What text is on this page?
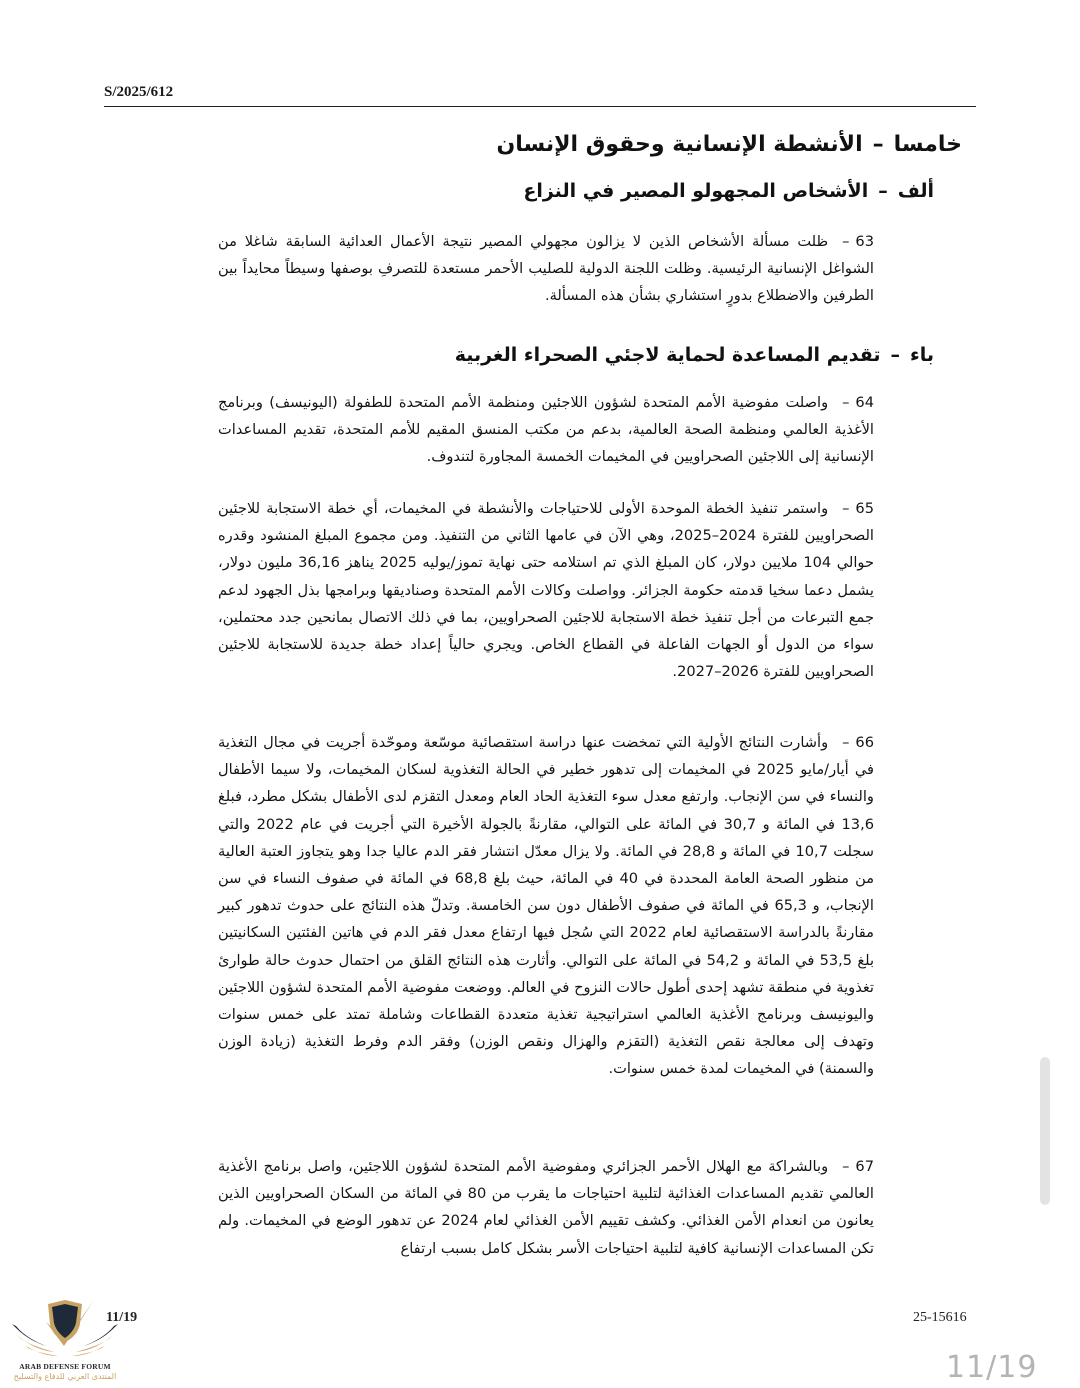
S/2025/612
خامسا–الأنشطة الإنسانية وحقوق الإنسان
ألف–الأشخاص المجهولو المصير في النزاع
63–ظلت مسألة الأشخاص الذين لا يزالون مجهولي المصير نتيجة الأعمال العدائية السابقة شاغلا من الشواغل الإنسانية الرئيسية. وظلت اللجنة الدولية للصليب الأحمر مستعدة للتصرفِ بوصفها وسيطاً محايداً بين الطرفين والاضطلاع بدورٍ استشاري بشأن هذه المسألة.
باء–تقديم المساعدة لحماية لاجئي الصحراء الغربية
64–واصلت مفوضية الأمم المتحدة لشؤون اللاجئين ومنظمة الأمم المتحدة للطفولة (اليونيسف) وبرنامج الأغذية العالمي ومنظمة الصحة العالمية، بدعم من مكتب المنسق المقيم للأمم المتحدة، تقديم المساعدات الإنسانية إلى اللاجئين الصحراويين في المخيمات الخمسة المجاورة لتندوف.
65–واستمر تنفيذ الخطة الموحدة الأولى للاحتياجات والأنشطة في المخيمات، أي خطة الاستجابة للاجئين الصحراويين للفترة 2024–2025، وهي الآن في عامها الثاني من التنفيذ. ومن مجموع المبلغ المنشود وقدره حوالي 104 ملايين دولار، كان المبلغ الذي تم استلامه حتى نهاية تموز/يوليه 2025 يناهز 36,16 مليون دولار، يشمل دعما سخيا قدمته حكومة الجزائر. وواصلت وكالات الأمم المتحدة وصناديقها وبرامجها بذل الجهود لدعم جمع التبرعات من أجل تنفيذ خطة الاستجابة للاجئين الصحراويين، بما في ذلك الاتصال بمانحين جدد محتملين، سواء من الدول أو الجهات الفاعلة في القطاع الخاص. ويجري حالياً إعداد خطة جديدة للاستجابة للاجئين الصحراويين للفترة 2026–2027.
66–وأشارت النتائج الأولية التي تمخضت عنها دراسة استقصائية موسّعة وموحّدة أجريت في مجال التغذية في أيار/مايو 2025 في المخيمات إلى تدهور خطير في الحالة التغذوية لسكان المخيمات، ولا سيما الأطفال والنساء في سن الإنجاب. وارتفع معدل سوء التغذية الحاد العام ومعدل التقزم لدى الأطفال بشكل مطرد، فبلغ 13,6 في المائة و 30,7 في المائة على التوالي، مقارنةً بالجولة الأخيرة التي أجريت في عام 2022 والتي سجلت 10,7 في المائة و 28,8 في المائة. ولا يزال معدّل انتشار فقر الدم عاليا جدا وهو يتجاوز العتبة العالية من منظور الصحة العامة المحددة في 40 في المائة، حيث بلغ 68,8 في المائة في صفوف النساء في سن الإنجاب، و 65,3 في المائة في صفوف الأطفال دون سن الخامسة. وتدلّ هذه النتائج على حدوث تدهور كبير مقارنةً بالدراسة الاستقصائية لعام 2022 التي سُجل فيها ارتفاع معدل فقر الدم في هاتين الفئتين السكانيتين بلغ 53,5 في المائة و 54,2 في المائة على التوالي. وأثارت هذه النتائج القلق من احتمال حدوث حالة طوارئ تغذوية في منطقة تشهد إحدى أطول حالات النزوح في العالم. ووضعت مفوضية الأمم المتحدة لشؤون اللاجئين واليونيسف وبرنامج الأغذية العالمي استراتيجية تغذية متعددة القطاعات وشاملة تمتد على خمس سنوات وتهدف إلى معالجة نقص التغذية (التقزم والهزال ونقص الوزن) وفقر الدم وفرط التغذية (زيادة الوزن والسمنة) في المخيمات لمدة خمس سنوات.
67–وبالشراكة مع الهلال الأحمر الجزائري ومفوضية الأمم المتحدة لشؤون اللاجئين، واصل برنامج الأغذية العالمي تقديم المساعدات الغذائية لتلبية احتياجات ما يقرب من 80 في المائة من السكان الصحراويين الذين يعانون من انعدام الأمن الغذائي. وكشف تقييم الأمن الغذائي لعام 2024 عن تدهور الوضع في المخيمات. ولم تكن المساعدات الإنسانية كافية لتلبية احتياجات الأسر بشكل كامل بسبب ارتفاع
11/19	25-15616
ARAB DEFENSE FORUM
المنتدى العربي للدفاع والتسليح	11/19
